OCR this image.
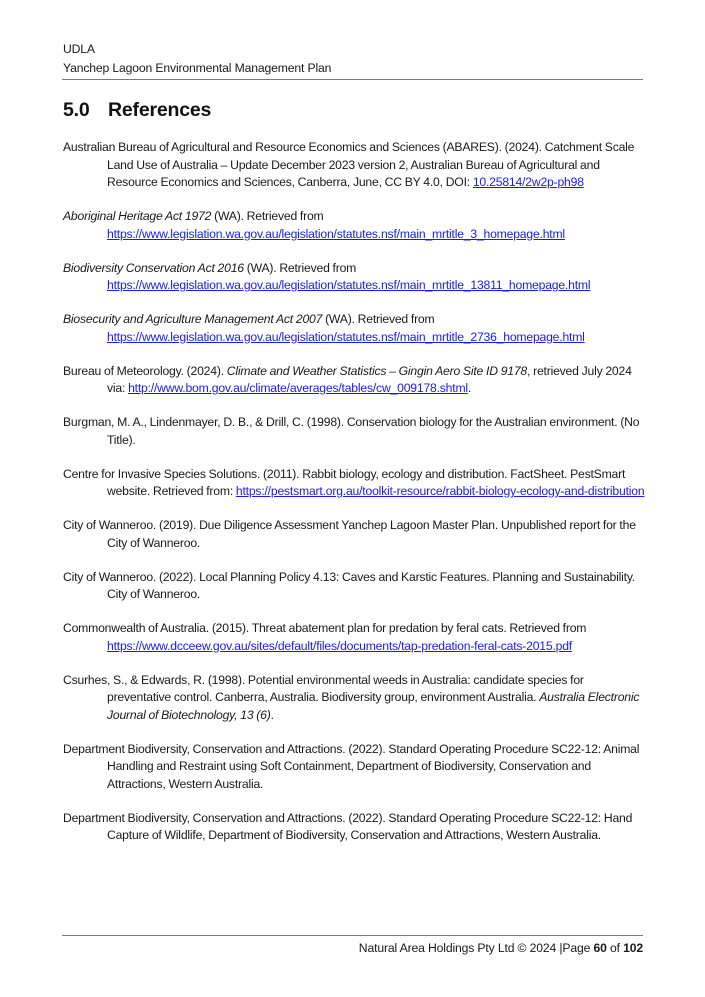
UDLA
Yanchep Lagoon Environmental Management Plan
5.0 References

Australian Bureau of Agricultural and Resource Economics and Sciences (ABARES). (2024). Catchment Scale Land Use of Australia – Update December 2023 version 2, Australian Bureau of Agricultural and Resource Economics and Sciences, Canberra, June, CC BY 4.0, DOI: 10.25814/2w2p-ph98

Aboriginal Heritage Act 1972 (WA). Retrieved from
https://www.legislation.wa.gov.au/legislation/statutes.nsf/main_mrtitle_3_homepage.html

Biodiversity Conservation Act 2016 (WA). Retrieved from
https://www.legislation.wa.gov.au/legislation/statutes.nsf/main_mrtitle_13811_homepage.html

Biosecurity and Agriculture Management Act 2007 (WA). Retrieved from
https://www.legislation.wa.gov.au/legislation/statutes.nsf/main_mrtitle_2736_homepage.html

Bureau of Meteorology. (2024). Climate and Weather Statistics – Gingin Aero Site ID 9178, retrieved July 2024 via: http://www.bom.gov.au/climate/averages/tables/cw_009178.shtml.

Burgman, M. A., Lindenmayer, D. B., & Drill, C. (1998). Conservation biology for the Australian environment. (No Title).

Centre for Invasive Species Solutions. (2011). Rabbit biology, ecology and distribution. FactSheet. PestSmart website. Retrieved from: https://pestsmart.org.au/toolkit-resource/rabbit-biology-ecology-and-distribution

City of Wanneroo. (2019). Due Diligence Assessment Yanchep Lagoon Master Plan. Unpublished report for the City of Wanneroo.

City of Wanneroo. (2022). Local Planning Policy 4.13: Caves and Karstic Features. Planning and Sustainability. City of Wanneroo.

Commonwealth of Australia. (2015). Threat abatement plan for predation by feral cats. Retrieved from
https://www.dcceew.gov.au/sites/default/files/documents/tap-predation-feral-cats-2015.pdf

Csurhes, S., & Edwards, R. (1998). Potential environmental weeds in Australia: candidate species for preventative control. Canberra, Australia. Biodiversity group, environment Australia. Australia Electronic Journal of Biotechnology, 13 (6).

Department Biodiversity, Conservation and Attractions. (2022). Standard Operating Procedure SC22-12: Animal Handling and Restraint using Soft Containment, Department of Biodiversity, Conservation and Attractions, Western Australia.

Department Biodiversity, Conservation and Attractions. (2022). Standard Operating Procedure SC22-12: Hand Capture of Wildlife, Department of Biodiversity, Conservation and Attractions, Western Australia.

Natural Area Holdings Pty Ltd © 2024 |Page 60 of 102
